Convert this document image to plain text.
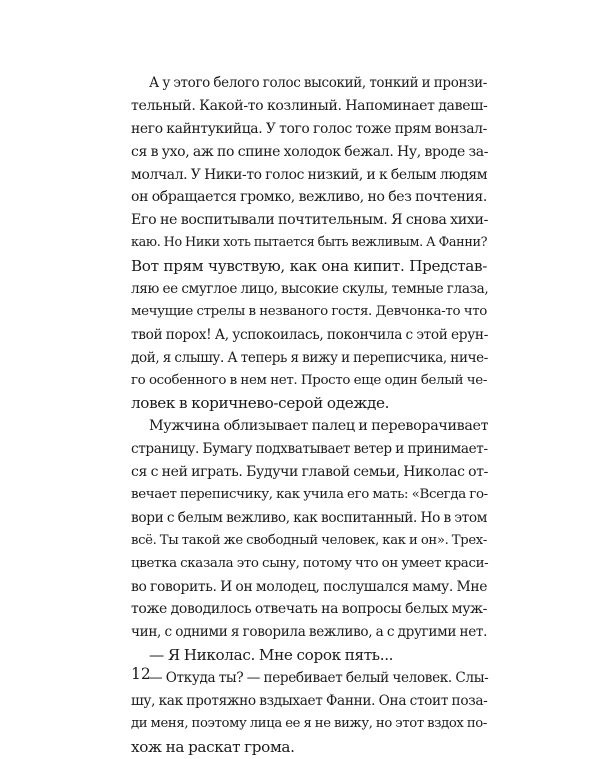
А у этого белого голос высокий, тонкий и пронзи-
тельный. Какой-то козлиный. Напоминает давеш-
него кайнтукийца. У того голос тоже прям вонзал-
ся в ухо, аж по спине холодок бежал. Ну, вроде за-
молчал. У Ники-то голос низкий, и к белым людям
он обращается громко, вежливо, но без почтения.
Его не воспитывали почтительным. Я снова хихи-
каю. Но Ники хоть пытается быть вежливым. А Фанни?
Вот прям чувствую, как она кипит. Представ-
ляю ее смуглое лицо, высокие скулы, темные глаза,
мечущие стрелы в незваного гостя. Девчонка-то что
твой порох! А, успокоилась, покончила с этой ерун-
дой, я слышу. А теперь я вижу и переписчика, ниче-
го особенного в нем нет. Просто еще один белый че-
ловек в коричнево-серой одежде.
Мужчина облизывает палец и переворачивает
страницу. Бумагу подхватывает ветер и принимает-
ся с ней играть. Будучи главой семьи, Николас от-
вечает переписчику, как учила его мать: «Всегда го-
вори с белым вежливо, как воспитанный. Но в этом
всё. Ты такой же свободный человек, как и он». Трех-
цветка сказала это сыну, потому что он умеет краси-
во говорить. И он молодец, послушался маму. Мне
тоже доводилось отвечать на вопросы белых муж-
чин, с одними я говорила вежливо, а с другими нет.
— Я Николас. Мне сорок пять...
— Откуда ты? — перебивает белый человек. Слы-
шу, как протяжно вздыхает Фанни. Она стоит поза-
ди меня, поэтому лица ее я не вижу, но этот вздох по-
хож на раскат грома.
12
